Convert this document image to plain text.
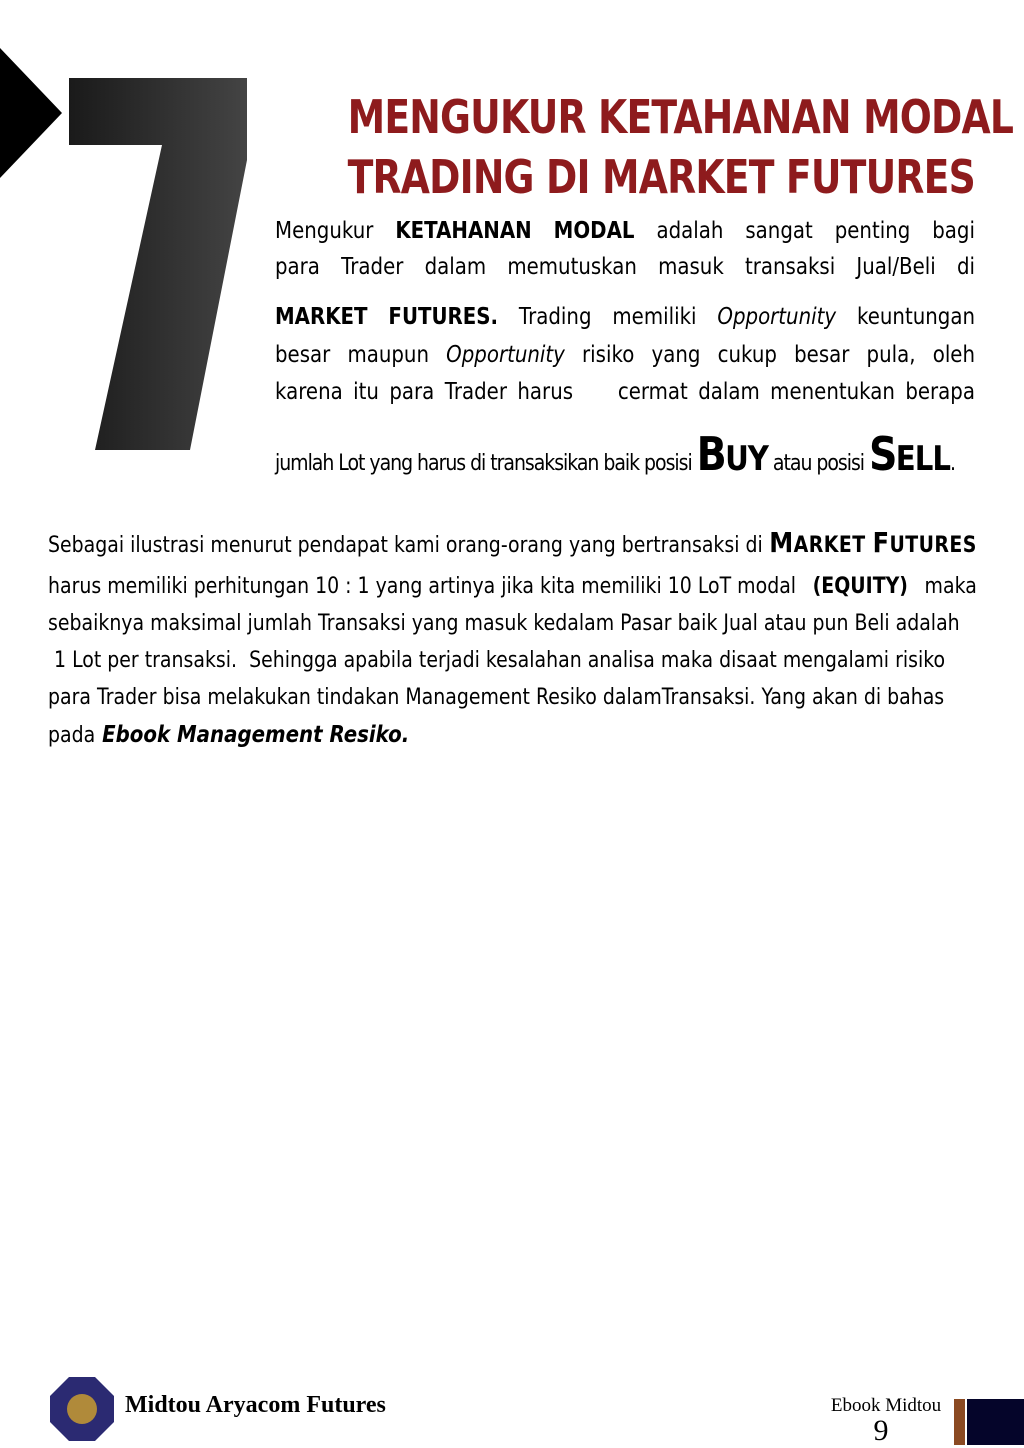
MENGUKUR KETAHANAN MODAL
TRADING DI MARKET FUTURES
Mengukur KETAHANAN MODAL adalah sangat penting bagi
para Trader dalam memutuskan masuk transaksi Jual/Beli di
MARKET FUTURES. Trading memiliki Opportunity keuntungan
besar maupun Opportunity risiko yang cukup besar pula, oleh
karena itu para Trader harus cermat dalam menentukan berapa
jumlah Lot yang harus di transaksikan baik posisi B UY atau posisi S ELL .
Sebagai ilustrasi menurut pendapat kami orang-orang yang bertransaksi di MARKET FUTURES
harus memiliki perhitungan 10 : 1 yang artinya jika kita memiliki 10 LoT modal (EQUITY) maka
sebaiknya maksimal jumlah Transaksi yang masuk kedalam Pasar baik Jual atau pun Beli adalah
1 Lot per transaksi.  Sehingga apabila terjadi kesalahan analisa maka disaat mengalami risiko
para Trader bisa melakukan tindakan Management Resiko dalamTransaksi. Yang akan di bahas
pada Ebook Management Resiko.
Midtou Aryacom Futures	Ebook Midtou
9
